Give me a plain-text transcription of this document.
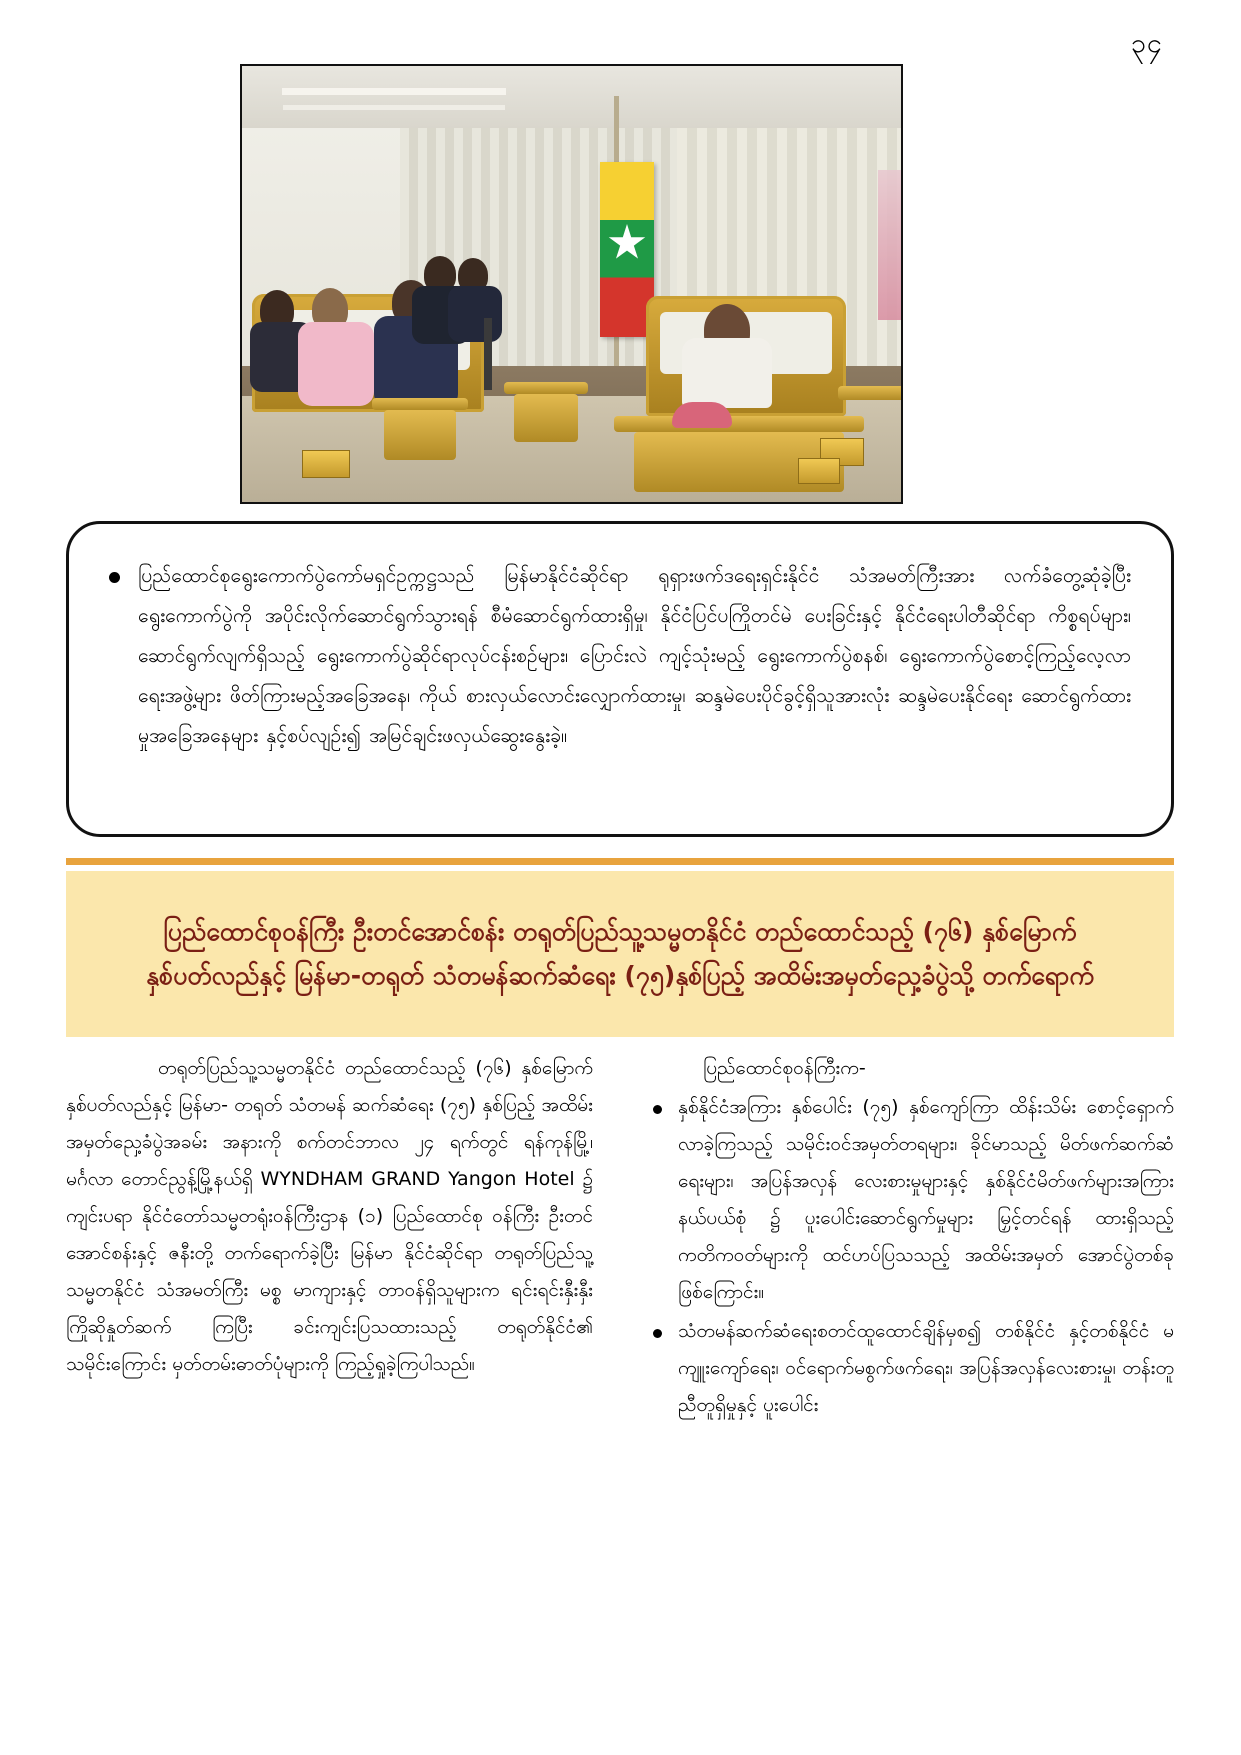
၃၄
ပြည်ထောင်စုရွေးကောက်ပွဲကော်မရှင်ဥက္ကဋ္ဌသည် မြန်မာနိုင်ငံဆိုင်ရာ ရုရှားဖက်ဒရေးရှင်းနိုင်ငံ သံအမတ်ကြီးအား လက်ခံတွေ့ဆုံခဲ့ပြီး ရွေးကောက်ပွဲကို အပိုင်းလိုက်ဆောင်ရွက်သွားရန် စီမံဆောင်ရွက်ထားရှိမှု၊ နိုင်ငံပြင်ပကြိုတင်မဲ ပေးခြင်းနှင့် နိုင်ငံရေးပါတီဆိုင်ရာ ကိစ္စရပ်များ၊ ဆောင်ရွက်လျက်ရှိသည့် ရွေးကောက်ပွဲဆိုင်ရာလုပ်ငန်းစဉ်များ၊ ပြောင်းလဲ ကျင့်သုံးမည့် ရွေးကောက်ပွဲစနစ်၊ ရွေးကောက်ပွဲစောင့်ကြည့်လေ့လာရေးအဖွဲ့များ ဖိတ်ကြားမည့်အခြေအနေ၊ ကိုယ် စားလှယ်လောင်းလျှောက်ထားမှု၊ ဆန္ဒမဲပေးပိုင်ခွင့်ရှိသူအားလုံး ဆန္ဒမဲပေးနိုင်ရေး ဆောင်ရွက်ထားမှုအခြေအနေများ နှင့်စပ်လျဉ်း၍ အမြင်ချင်းဖလှယ်ဆွေးနွေးခဲ့။
ပြည်ထောင်စုဝန်ကြီး ဦးတင်အောင်စန်း တရုတ်ပြည်သူ့သမ္မတနိုင်ငံ တည်ထောင်သည့် (၇၆) နှစ်မြောက် နှစ်ပတ်လည်နှင့် မြန်မာ-တရုတ် သံတမန်ဆက်ဆံရေး (၇၅)နှစ်ပြည့် အထိမ်းအမှတ်ညှေ့ခံပွဲသို့ တက်ရောက်

တရုတ်ပြည်သူ့သမ္မတနိုင်ငံ တည်ထောင်သည့် (၇၆) နှစ်မြောက် နှစ်ပတ်လည်နှင့် မြန်မာ- တရုတ် သံတမန် ဆက်ဆံရေး (၇၅) နှစ်ပြည့် အထိမ်းအမှတ်ညှေ့ခံပွဲအခမ်း အနားကို စက်တင်ဘာလ ၂၄ ရက်တွင် ရန်ကုန်မြို့၊ မင်္ဂလာ တောင်ညွန့်မြို့နယ်ရှိ WYNDHAM GRAND Yangon Hotel ၌ ကျင်းပရာ နိုင်ငံတော်သမ္မတရုံးဝန်ကြီးဌာန (၁) ပြည်ထောင်စု ဝန်ကြီး ဦးတင်အောင်စန်းနှင့် ဇနီးတို့ တက်ရောက်ခဲ့ပြီး မြန်မာ နိုင်ငံဆိုင်ရာ တရုတ်ပြည်သူ့သမ္မတနိုင်ငံ သံအမတ်ကြီး မစ္စ မာကျားနှင့် တာဝန်ရှိသူများက ရင်းရင်းနှီးနှီးကြိုဆိုနှုတ်ဆက် ကြပြီး ခင်းကျင်းပြသထားသည့် တရုတ်နိုင်ငံ၏ သမိုင်းကြောင်း မှတ်တမ်းဓာတ်ပုံများကို ကြည့်ရှုခဲ့ကြပါသည်။

ပြည်ထောင်စုဝန်ကြီးက-

နှစ်နိုင်ငံအကြား နှစ်ပေါင်း (၇၅) နှစ်ကျော်ကြာ ထိန်းသိမ်း စောင့်ရှောက်လာခဲ့ကြသည့် သမိုင်းဝင်အမှတ်တရများ၊ ခိုင်မာသည့် မိတ်ဖက်ဆက်ဆံရေးများ၊ အပြန်အလှန် လေးစားမှုများနှင့် နှစ်နိုင်ငံမိတ်ဖက်များအကြား နယ်ပယ်စုံ ၌ ပူးပေါင်းဆောင်ရွက်မှုများ မြှင့်တင်ရန် ထားရှိသည့် ကတိကဝတ်များကို ထင်ဟပ်ပြသသည့် အထိမ်းအမှတ် အောင်ပွဲတစ်ခုဖြစ်ကြောင်း။
သံတမန်ဆက်ဆံရေးစတင်ထူထောင်ချိန်မှစ၍ တစ်နိုင်ငံ နှင့်တစ်နိုင်ငံ မကျူးကျော်ရေး၊ ဝင်ရောက်မစွက်ဖက်ရေး၊ အပြန်အလှန်လေးစားမှု၊ တန်းတူညီတူရှိမှုနှင့် ပူးပေါင်း
